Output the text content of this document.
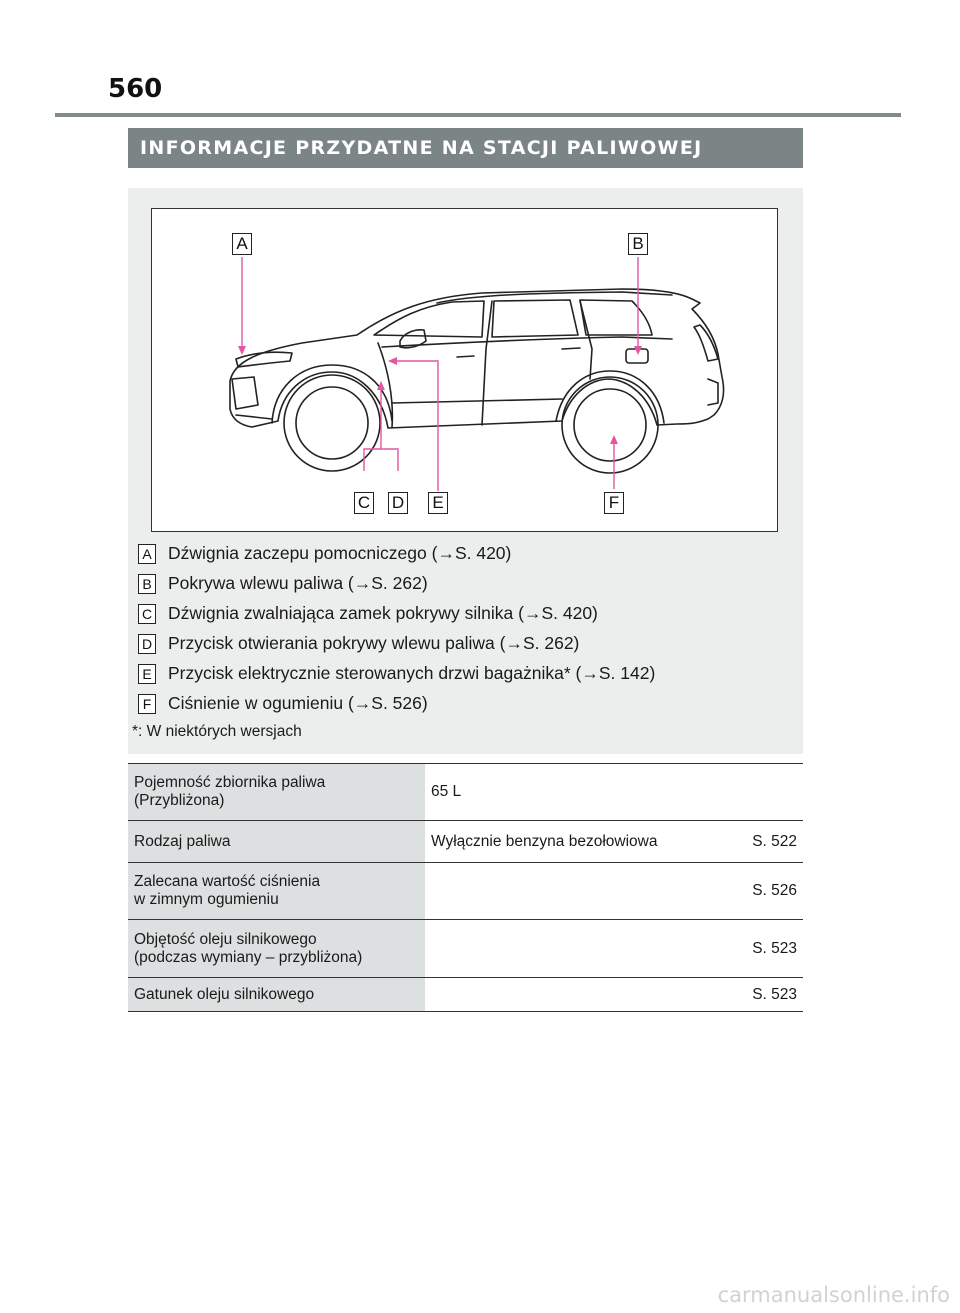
560
INFORMACJE PRZYDATNE NA STACJI PALIWOWEJ
A	B
C D E	F
A Dźwignia zaczepu pomocniczego (→S. 420)
B Pokrywa wlewu paliwa (→S. 262)
C Dźwignia zwalniająca zamek pokrywy silnika (→S. 420)
D Przycisk otwierania pokrywy wlewu paliwa (→S. 262)
E Przycisk elektrycznie sterowanych drzwi bagażnika* (→S. 142)
F Ciśnienie w ogumieniu (→S. 526)
*: W niektórych wersjach
Pojemność zbiornika paliwa
(Przybliżona)	65 L

Rodzaj paliwa	Wyłącznie benzyna bezołowiowa S. 522

Zalecana wartość ciśnienia
w zimnym ogumieniu	S. 526

Objętość oleju silnikowego
(podczas wymiany – przybliżona)	S. 523

Gatunek oleju silnikowego	S. 523
carmanualsonline.info
